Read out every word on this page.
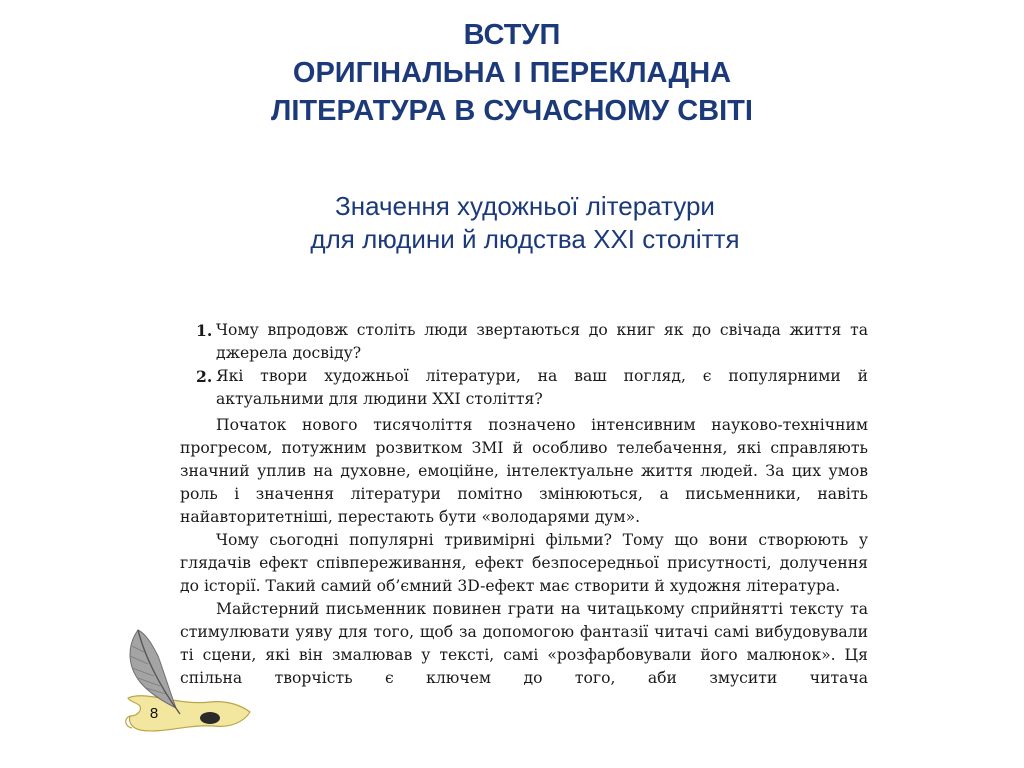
ВСТУП
ОРИГІНАЛЬНА І ПЕРЕКЛАДНА
ЛІТЕРАТУРА В СУЧАСНОМУ СВІТІ
Значення художньої літератури
для людини й людства XXI століття
1. Чому впродовж століть люди звертаються до книг як до свічада життя та джерела досвіду?
2. Які твори художньої літератури, на ваш погляд, є популярними й актуальними для людини XXI століття?

Початок нового тисячоліття позначено інтенсивним науково-технічним прогресом, потужним розвитком ЗМІ й особливо телебачення, які справляють значний уплив на духовне, емоційне, інтелектуальне життя людей. За цих умов роль і значення літератури помітно змінюються, а письменники, навіть найавторитетніші, перестають бути «володарями дум».

Чому сьогодні популярні тривимірні фільми? Тому що вони створюють у глядачів ефект співпереживання, ефект безпосередньої присутності, долучення до історії. Такий самий об’ємний 3D-ефект має створити й художня література.

Майстерний письменник повинен грати на читацькому сприйнятті тексту та стимулювати уяву для того, щоб за допомогою фантазії читачі самі вибудовували ті сцени, які він змалював у тексті, самі «розфарбовували його малюнок». Ця спільна творчість є ключем до того, аби змусити читача

8
